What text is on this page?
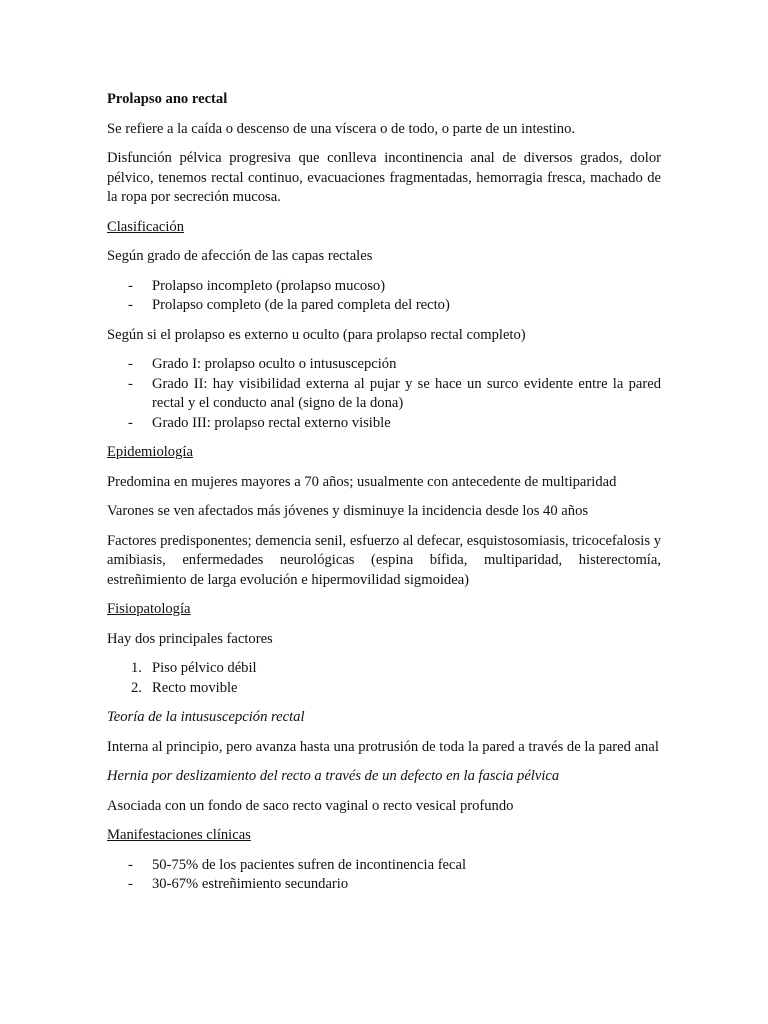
Prolapso ano rectal

Se refiere a la caída o descenso de una víscera o de todo, o parte de un intestino.

Disfunción pélvica progresiva que conlleva incontinencia anal de diversos grados, dolor pélvico, tenemos rectal continuo, evacuaciones fragmentadas, hemorragia fresca, machado de la ropa por secreción mucosa.

Clasificación

Según grado de afección de las capas rectales

- Prolapso incompleto (prolapso mucoso)
- Prolapso completo (de la pared completa del recto)

Según si el prolapso es externo u oculto (para prolapso rectal completo)

- Grado I: prolapso oculto o intususcepción
- Grado II: hay visibilidad externa al pujar y se hace un surco evidente entre la pared rectal y el conducto anal (signo de la dona)
- Grado III: prolapso rectal externo visible

Epidemiología

Predomina en mujeres mayores a 70 años; usualmente con antecedente de multiparidad

Varones se ven afectados más jóvenes y disminuye la incidencia desde los 40 años

Factores predisponentes; demencia senil, esfuerzo al defecar, esquistosomiasis, tricocefalosis y amibiasis, enfermedades neurológicas (espina bífida, multiparidad, histerectomía, estreñimiento de larga evolución e hipermovilidad sigmoidea)

Fisiopatología

Hay dos principales factores

1. Piso pélvico débil
2. Recto movible

Teoría de la intususcepción rectal

Interna al principio, pero avanza hasta una protrusión de toda la pared a través de la pared anal

Hernia por deslizamiento del recto a través de un defecto en la fascia pélvica

Asociada con un fondo de saco recto vaginal o recto vesical profundo

Manifestaciones clínicas

- 50-75% de los pacientes sufren de incontinencia fecal
- 30-67% estreñimiento secundario
